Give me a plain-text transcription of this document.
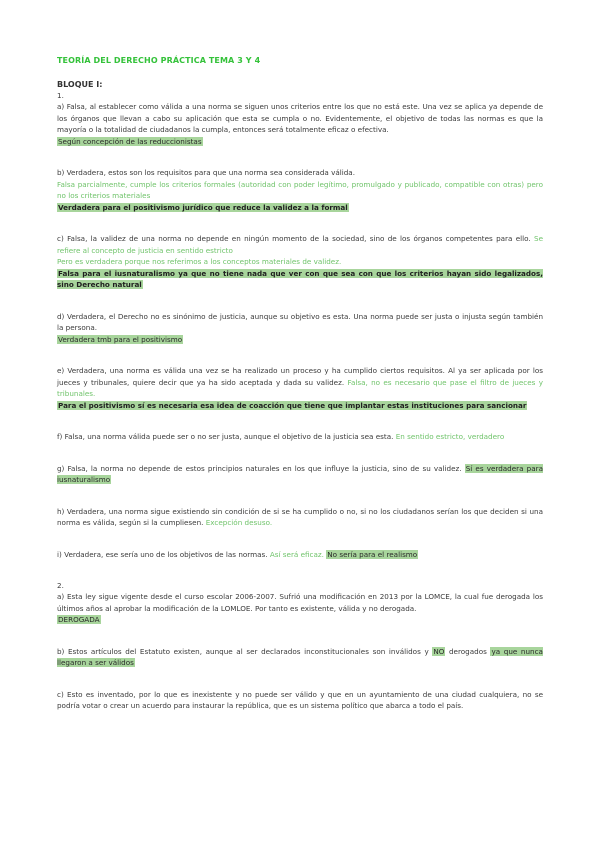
TEORÍA DEL DERECHO PRÁCTICA TEMA 3 Y 4
BLOQUE I:
1.

a) Falsa, al establecer como válida a una norma se siguen unos criterios entre los que no está este. Una vez se aplica ya depende de los órganos que llevan a cabo su aplicación que esta se cumpla o no. Evidentemente, el objetivo de todas las normas es que la mayoría o la totalidad de ciudadanos la cumpla, entonces será totalmente eficaz o efectiva.

Según concepción de las reduccionistas

b) Verdadera, estos son los requisitos para que una norma sea considerada válida.

Falsa parcialmente, cumple los criterios formales (autoridad con poder legítimo, promulgado y publicado, compatible con otras) pero no los criterios materiales

Verdadera para el positivismo jurídico que reduce la validez a la formal

c) Falsa, la validez de una norma no depende en ningún momento de la sociedad, sino de los órganos competentes para ello. Se refiere al concepto de justicia en sentido estricto

Pero es verdadera porque nos referimos a los conceptos materiales de validez.

Falsa para el iusnaturalismo ya que no tiene nada que ver con que sea con que los criterios hayan sido legalizados, sino Derecho natural

d) Verdadera, el Derecho no es sinónimo de justicia, aunque su objetivo es esta. Una norma puede ser justa o injusta según también la persona.

Verdadera tmb para el positivismo

e) Verdadera, una norma es válida una vez se ha realizado un proceso y ha cumplido ciertos requisitos. Al ya ser aplicada por los jueces y tribunales, quiere decir que ya ha sido aceptada y dada su validez. Falsa, no es necesario que pase el filtro de jueces y tribunales.

Para el positivismo sí es necesaria esa idea de coacción que tiene que implantar estas instituciones para sancionar

f) Falsa, una norma válida puede ser o no ser justa, aunque el objetivo de la justicia sea esta. En sentido estricto, verdadero

g) Falsa, la norma no depende de estos principios naturales en los que influye la justicia, sino de su validez. Sí es verdadera para iusnaturalismo

h) Verdadera, una norma sigue existiendo sin condición de si se ha cumplido o no, si no los ciudadanos serían los que deciden si una norma es válida, según si la cumpliesen. Excepción desuso.

i) Verdadera, ese sería uno de los objetivos de las normas. Así será eficaz. No sería para el realismo

2.

a) Esta ley sigue vigente desde el curso escolar 2006-2007. Sufrió una modificación en 2013 por la LOMCE, la cual fue derogada los últimos años al aprobar la modificación de la LOMLOE. Por tanto es existente, válida y no derogada.

DEROGADA

b) Estos artículos del Estatuto existen, aunque al ser declarados inconstitucionales son inválidos y NO derogados ya que nunca llegaron a ser válidos

c) Esto es inventado, por lo que es inexistente y no puede ser válido y que en un ayuntamiento de una ciudad cualquiera, no se podría votar o crear un acuerdo para instaurar la república, que es un sistema político que abarca a todo el país.
